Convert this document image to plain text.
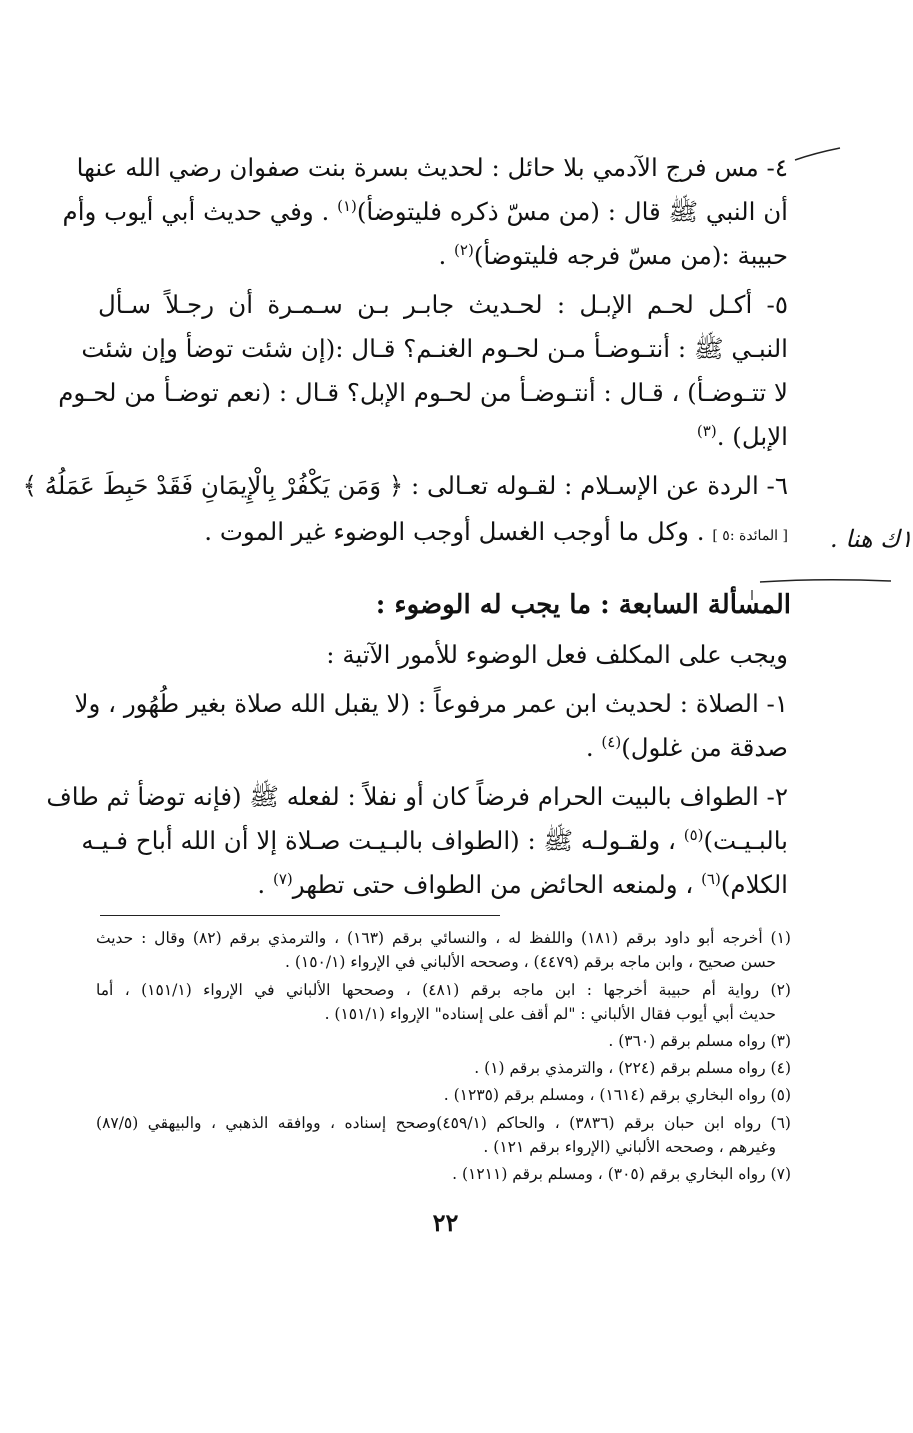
٤- مس فرج الآدمي بلا حائل : لحديث بسرة بنت صفوان رضي الله عنها
أن النبي ﷺ قال : (من مسّ ذكره فليتوضأ)$^{(١)}$ . وفي حديث أبي أيوب وأم
حبيبة :(من مسّ فرجه فليتوضأ)$^{(٢)}$ .
٥- أكـل لحـم الإبـل : لحـديث جابـر بـن سـمـرة أن رجـلاً سـأل
النبـي ﷺ : أنتـوضـأ مـن لحـوم الغنـم؟ قـال :(إن شئت توضأ وإن شئت
لا تتـوضـأ) ، قـال : أنتـوضـأ من لحـوم الإبل؟ قـال : (نعم توضـأ من لحـوم
الإبل) .$^{(٣)}$
٦- الردة عن الإسـلام : لقـوله تعـالى : ﴿ وَمَن يَكْفُرْ بِالْإِيمَانِ فَقَدْ حَبِطَ عَمَلُهُ ﴾
[ المائدة :٥ ] . وكل ما أوجب الغسل أوجب الوضوء غير الموت .
المسألة السابعة : ما يجب له الوضوء :
ويجب على المكلف فعل الوضوء للأمور الآتية :
١- الصلاة : لحديث ابن عمر مرفوعاً : (لا يقبل الله صلاة بغير طُهُور ، ولا
صدقة من غلول)$^{(٤)}$ .
٢- الطواف بالبيت الحرام فرضاً كان أو نفلاً : لفعله ﷺ (فإنه توضأ ثم طاف
بالبـيـت)$^{(٥)}$ ، ولقـولـه ﷺ : (الطواف بالبـيـت صـلاة إلا أن الله أباح فـيـه
الكلام)$^{(٦)}$ ، ولمنعه الحائض من الطواف حتى تطهر$^{(٧)}$ .
(١) أخرجه أبو داود برقم (١٨١) واللفظ له ، والنسائي برقم (١٦٣) ، والترمذي برقم (٨٢) وقال : حديث
حسن صحيح ، وابن ماجه برقم (٤٤٧٩) ، وصححه الألباني في الإرواء (١٥٠/١) .
(٢) رواية أم حبيبة أخرجها : ابن ماجه برقم (٤٨١) ، وصححها الألباني في الإرواء (١٥١/١) ، أما
حديث أبي أيوب فقال الألباني : "لم أقف على إسناده" الإرواء (١٥١/١) .
(٣) رواه مسلم برقم (٣٦٠) .
(٤) رواه مسلم برقم (٢٢٤) ، والترمذي برقم (١) .
(٥) رواه البخاري برقم (١٦١٤) ، ومسلم برقم (١٢٣٥) .
(٦) رواه ابن حبان برقم (٣٨٣٦) ، والحاكم (٤٥٩/١)وصحح إسناده ، ووافقه الذهبي ، والبيهقي (٨٧/٥)
وغيرهم ، وصححه الألباني (الإرواء برقم ١٢١) .
(٧) رواه البخاري برقم (٣٠٥) ، ومسلم برقم (١٢١١) .
٢٢
١ك هنا .
